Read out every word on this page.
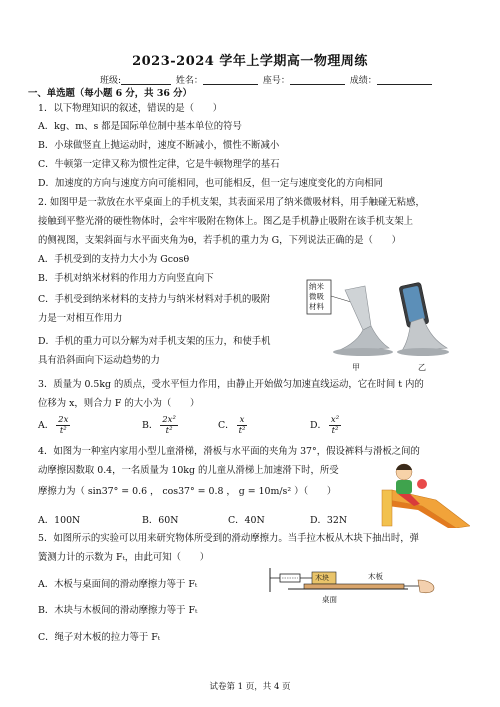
2023-2024 学年上学期高一物理周练
班级:	姓名：	座号：	成绩：
一、单选题（每小题 6 分，共 36 分）
1．以下物理知识的叙述，错误的是（　　）
A．kg、m、s 都是国际单位制中基本单位的符号
B．小球做竖直上抛运动时，速度不断减小，惯性不断减小
C．牛顿第一定律又称为惯性定律，它是牛顿物理学的基石
D．加速度的方向与速度方向可能相同，也可能相反，但一定与速度变化的方向相同
2. 如图甲是一款放在水平桌面上的手机支架，其表面采用了纳米微吸材料，用手触碰无粘感，
接触到平整光滑的硬性物体时，会牢牢吸附在物体上。图乙是手机静止吸附在该手机支架上
的侧视图，支架斜面与水平面夹角为θ，若手机的重力为 G，下列说法正确的是（　　）
A．手机受到的支持力大小为 Gcosθ
B．手机对纳米材料的作用力方向竖直向下
C．手机受到纳米材料的支持力与纳米材料对手机的吸附
力是一对相互作用力
D．手机的重力可以分解为对手机支架的压力，和使手机
具有沿斜面向下运动趋势的力
纳米
微吸
材料
甲	乙
3．质量为 0.5kg 的质点，受水平恒力作用，由静止开始做匀加速直线运动，它在时间 t 内的
位移为 x，则合力 F 的大小为（　　）
A． $\frac{2x}{\text{t²}}$	B． $\frac{\text{2x²}}{\text{t²}}$	C． $\frac{x}{\text{t²}}$	D． $\frac{\text{x²}}{\text{t²}}$
4．如图为一种室内家用小型儿童滑梯，滑板与水平面的夹角为 37°，假设裤料与滑板之间的
动摩擦因数取 0.4，一名质量为 10kg 的儿童从滑梯上加速滑下时，所受
摩擦力为（ sin37° = 0.6 ， cos37° = 0.8 ， g = 10m/s² ）（　　）
A．100N	B．60N	C．40N	D．32N
5．如图所示的实验可以用来研究物体所受到的滑动摩擦力。当手拉木板从木块下抽出时，弹
簧测力计的示数为 Fₜ，由此可知（　　）
A．木板与桌面间的滑动摩擦力等于 Fₜ
B．木块与木板间的滑动摩擦力等于 Fₜ
C．绳子对木板的拉力等于 Fₜ
木块	木板
桌面
试卷第 1 页，共 4 页
